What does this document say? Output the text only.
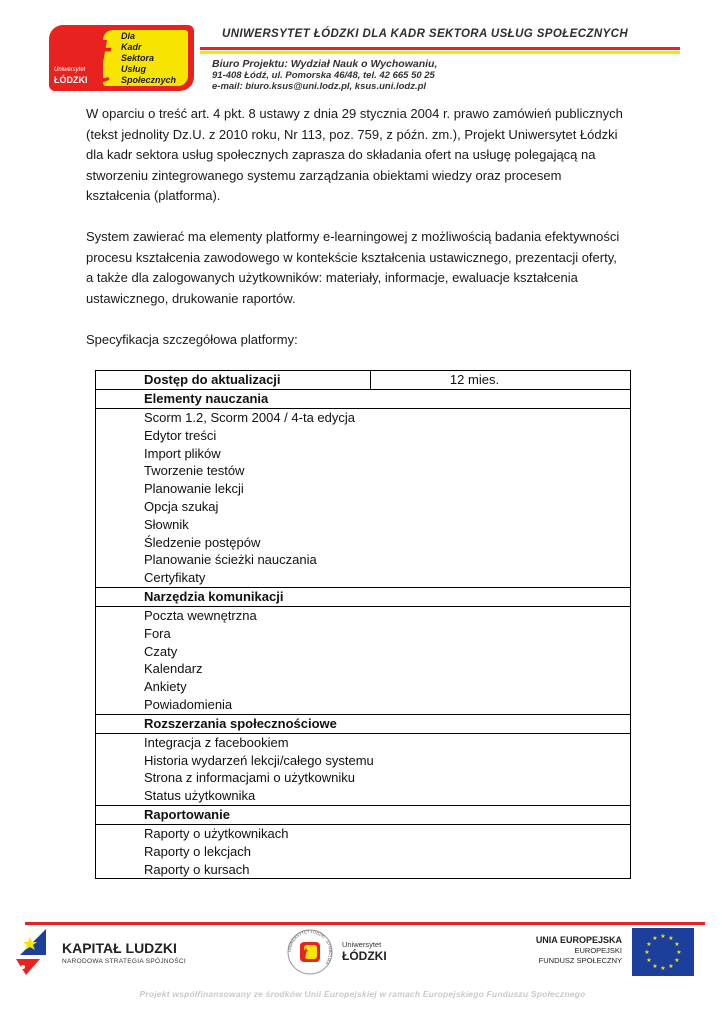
t Dla
Kadr
Sektora
Usług
Społecznych
Uniwersytet
ŁÓDZKI
UNIWERSYTET ŁÓDZKI DLA KADR SEKTORA USŁUG SPOŁECZNYCH
Biuro Projektu: Wydział Nauk o Wychowaniu,
91-408 Łódź, ul. Pomorska 46/48, tel. 42 665 50 25
e-mail: biuro.ksus@uni.lodz.pl, ksus.uni.lodz.pl
W oparciu o treść art. 4 pkt. 8 ustawy z dnia 29 stycznia 2004 r. prawo zamówień publicznych
(tekst jednolity Dz.U. z 2010 roku, Nr 113, poz. 759, z późn. zm.), Projekt Uniwersytet Łódzki
dla kadr sektora usług społecznych zaprasza do składania ofert na usługę polegającą na
stworzeniu zintegrowanego systemu zarządzania obiektami wiedzy oraz procesem
kształcenia (platforma).
System zawierać ma elementy platformy e-learningowej z możliwością badania efektywności
procesu kształcenia zawodowego w kontekście kształcenia ustawicznego, prezentacji oferty,
a także dla zalogowanych użytkowników: materiały, informacje, ewaluacje kształcenia
ustawicznego, drukowanie raportów.
Specyfikacja szczegółowa platformy:
Dostęp do aktualizacji	12 mies.
Elementy nauczania
Scorm 1.2, Scorm 2004 / 4-ta edycja
Edytor treści
Import plików
Tworzenie testów
Planowanie lekcji
Opcja szukaj
Słownik
Śledzenie postępów
Planowanie ścieżki nauczania
Certyfikaty
Narzędzia komunikacji
Poczta wewnętrzna
Fora
Czaty
Kalendarz
Ankiety
Powiadomienia
Rozszerzania społecznościowe
Integracja z facebookiem
Historia wydarzeń lekcji/całego systemu
Strona z informacjami o użytkowniku
Status użytkownika
Raportowanie
Raporty o użytkownikach
Raporty o lekcjach
Raporty o kursach
KAPITAŁ LUDZKI
NARODOWA STRATEGIA SPÓJNOŚCI
UNIWERSYTET ŁÓDZKI · SYMBOLIKA
t	Uniwersytet
ŁÓDZKI
UNIA EUROPEJSKA
EUROPEJSKI
FUNDUSZ SPOŁECZNY
★ ★
★
★
★
★
★
★
★
★
★
★
Projekt współfinansowany ze środków Unii Europejskiej w ramach Europejskiego Funduszu Społecznego
